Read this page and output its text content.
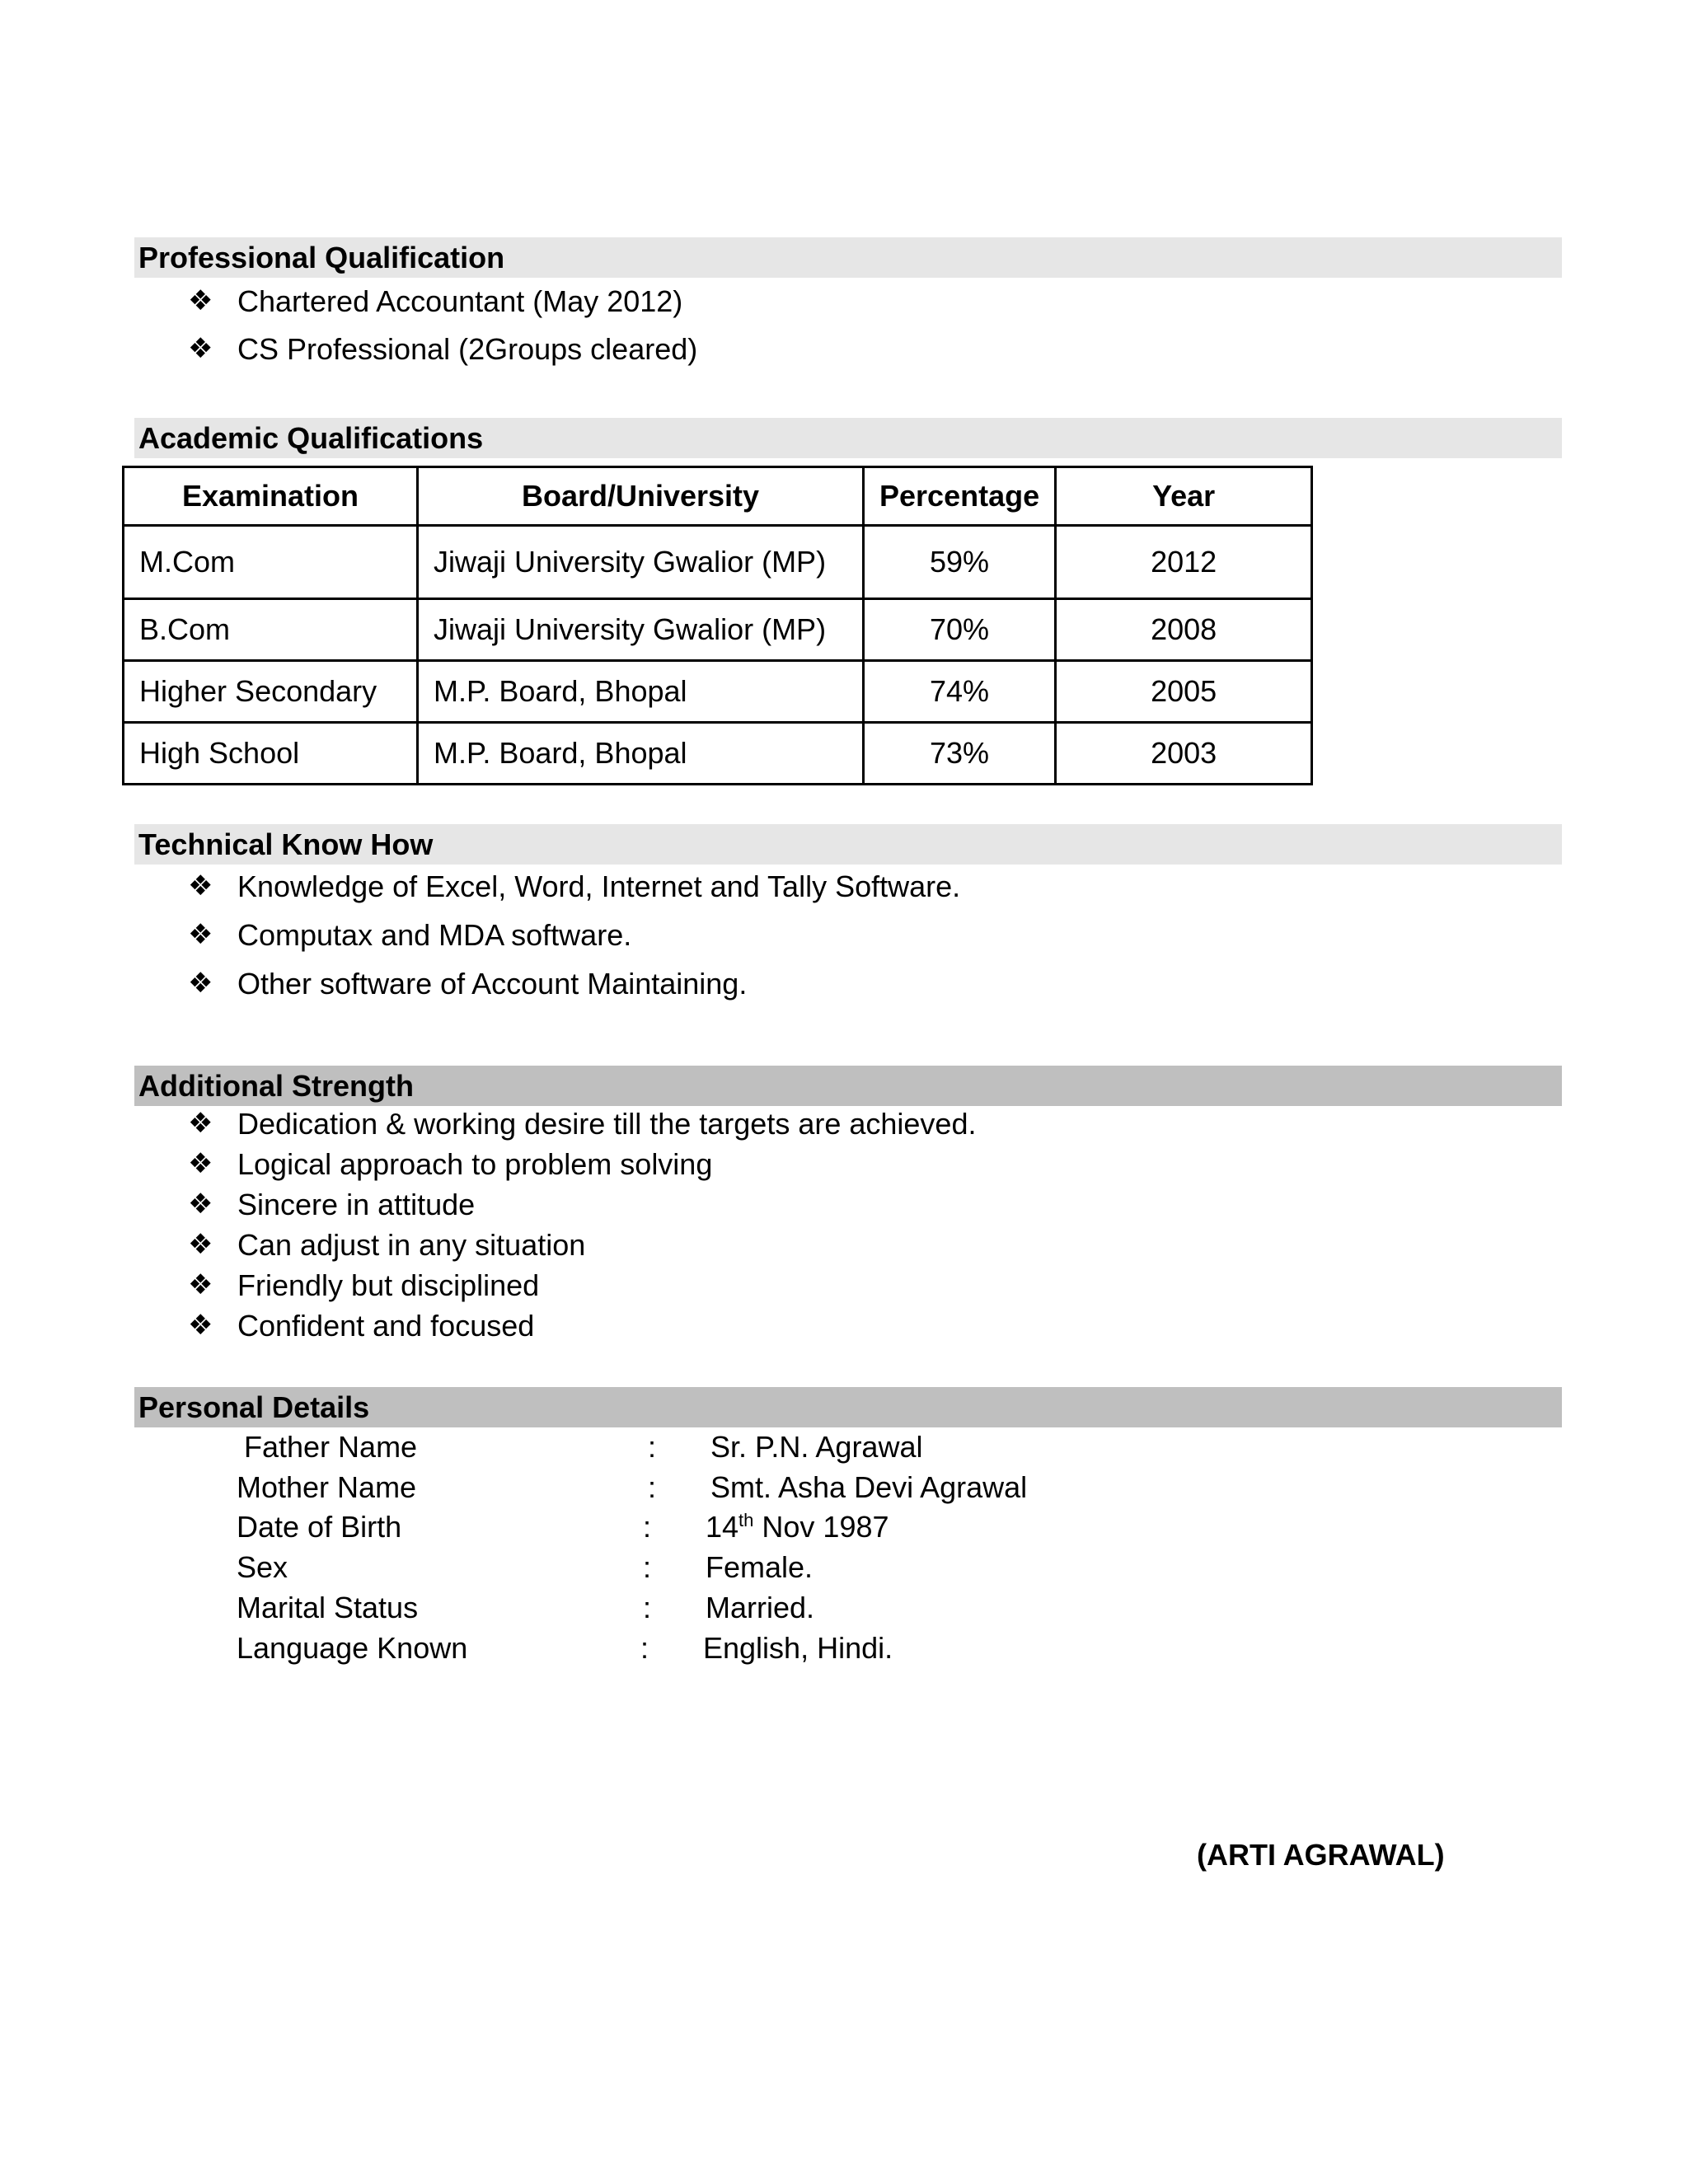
Professional Qualification
❖ Chartered Accountant (May 2012)
❖ CS Professional (2Groups cleared)
Academic Qualifications
Examination	Board/University	Percentage	Year
M.Com	Jiwaji University Gwalior (MP)	59%	2012
B.Com	Jiwaji University Gwalior (MP)	70%	2008
Higher Secondary	M.P. Board, Bhopal	74%	2005
High School	M.P. Board, Bhopal	73%	2003
Technical Know How
❖ Knowledge of Excel, Word, Internet and Tally Software.
❖ Computax and MDA software.
❖ Other software of Account Maintaining.
Additional Strength
❖ Dedication & working desire till the targets are achieved.
❖ Logical approach to problem solving
❖ Sincere in attitude
❖ Can adjust in any situation
❖ Friendly but disciplined
❖ Confident and focused
Personal Details
Father Name	: Sr. P.N. Agrawal
Mother Name	: Smt. Asha Devi Agrawal
Date of Birth	: 14th Nov 1987
Sex	: Female.
Marital Status	: Married.
Language Known	: English, Hindi.
(ARTI AGRAWAL)
